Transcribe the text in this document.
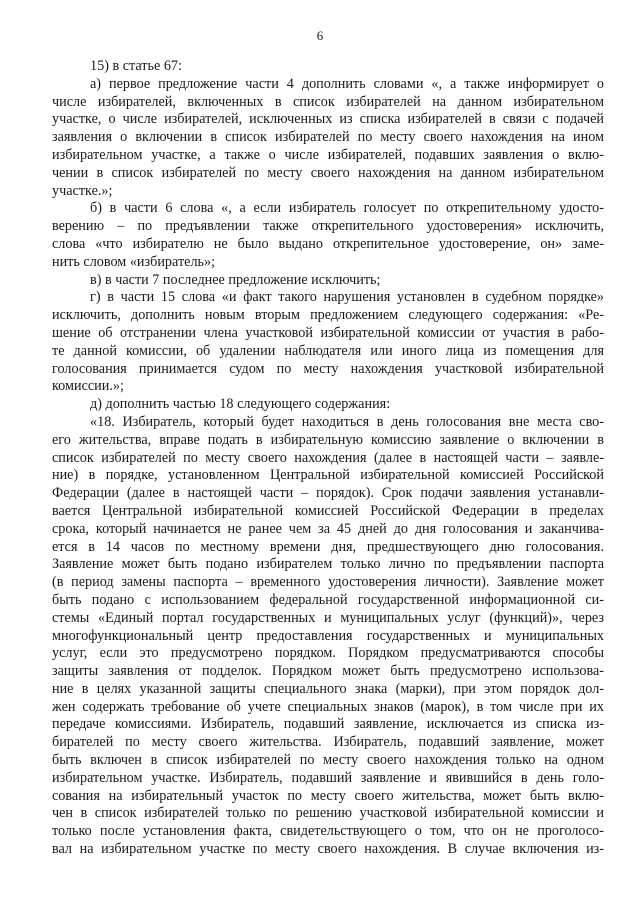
6
15) в статье 67:
а) первое предложение части 4 дополнить словами «, а также информирует о
числе избирателей, включенных в список избирателей на данном избирательном
участке, о числе избирателей, исключенных из списка избирателей в связи с подачей
заявления о включении в список избирателей по месту своего нахождения на ином
избирательном участке, а также о числе избирателей, подавших заявления о вклю-
чении в список избирателей по месту своего нахождения на данном избирательном
участке.»;
б) в части 6 слова «, а если избиратель голосует по открепительному удосто-
верению – по предъявлении также открепительного удостоверения» исключить,
слова «что избирателю не было выдано открепительное удостоверение, он» заме-
нить словом «избиратель»;
в) в части 7 последнее предложение исключить;
г) в части 15 слова «и факт такого нарушения установлен в судебном порядке»
исключить, дополнить новым вторым предложением следующего содержания: «Ре-
шение об отстранении члена участковой избирательной комиссии от участия в рабо-
те данной комиссии, об удалении наблюдателя или иного лица из помещения для
голосования принимается судом по месту нахождения участковой избирательной
комиссии.»;
д) дополнить частью 18 следующего содержания:
«18. Избиратель, который будет находиться в день голосования вне места сво-
его жительства, вправе подать в избирательную комиссию заявление о включении в
список избирателей по месту своего нахождения (далее в настоящей части – заявле-
ние) в порядке, установленном Центральной избирательной комиссией Российской
Федерации (далее в настоящей части – порядок). Срок подачи заявления устанавли-
вается Центральной избирательной комиссией Российской Федерации в пределах
срока, который начинается не ранее чем за 45 дней до дня голосования и заканчива-
ется в 14 часов по местному времени дня, предшествующего дню голосования.
Заявление может быть подано избирателем только лично по предъявлении паспорта
(в период замены паспорта – временного удостоверения личности). Заявление может
быть подано с использованием федеральной государственной информационной си-
стемы «Единый портал государственных и муниципальных услуг (функций)», через
многофункциональный центр предоставления государственных и муниципальных
услуг, если это предусмотрено порядком. Порядком предусматриваются способы
защиты заявления от подделок. Порядком может быть предусмотрено использова-
ние в целях указанной защиты специального знака (марки), при этом порядок дол-
жен содержать требование об учете специальных знаков (марок), в том числе при их
передаче комиссиями. Избиратель, подавший заявление, исключается из списка из-
бирателей по месту своего жительства. Избиратель, подавший заявление, может
быть включен в список избирателей по месту своего нахождения только на одном
избирательном участке. Избиратель, подавший заявление и явившийся в день голо-
сования на избирательный участок по месту своего жительства, может быть вклю-
чен в список избирателей только по решению участковой избирательной комиссии и
только после установления факта, свидетельствующего о том, что он не проголосо-
вал на избирательном участке по месту своего нахождения. В случае включения из-
